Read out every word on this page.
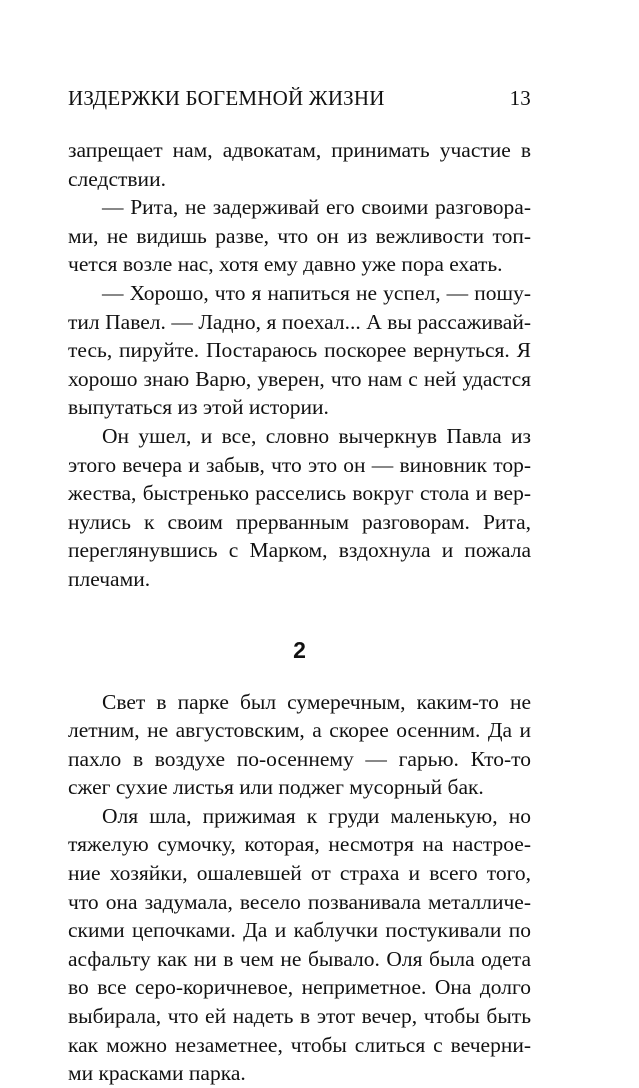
ИЗДЕРЖКИ БОГЕМНОЙ ЖИЗНИ	13

запрещает нам, адвокатам, принимать участие в следствии.

— Рита, не задерживай его своими разговорами, не видишь разве, что он из вежливости топчется возле нас, хотя ему давно уже пора ехать.

— Хорошо, что я напиться не успел, — пошутил Павел. — Ладно, я поехал... А вы рассаживайтесь, пируйте. Постараюсь поскорее вернуться. Я хорошо знаю Варю, уверен, что нам с ней удастся выпутаться из этой истории.

Он ушел, и все, словно вычеркнув Павла из этого вечера и забыв, что это он — виновник торжества, быстренько расселись вокруг стола и вернулись к своим прерванным разговорам. Рита, переглянувшись с Марком, вздохнула и пожала плечами.

2

Свет в парке был сумеречным, каким-то не летним, не августовским, а скорее осенним. Да и пахло в воздухе по-осеннему — гарью. Кто-то сжег сухие листья или поджег мусорный бак.

Оля шла, прижимая к груди маленькую, но тяжелую сумочку, которая, несмотря на настроение хозяйки, ошалевшей от страха и всего того, что она задумала, весело позванивала металлическими цепочками. Да и каблучки постукивали по асфальту как ни в чем не бывало. Оля была одета во все серо-коричневое, неприметное. Она долго выбирала, что ей надеть в этот вечер, чтобы быть как можно незаметнее, чтобы слиться с вечерними красками парка.
